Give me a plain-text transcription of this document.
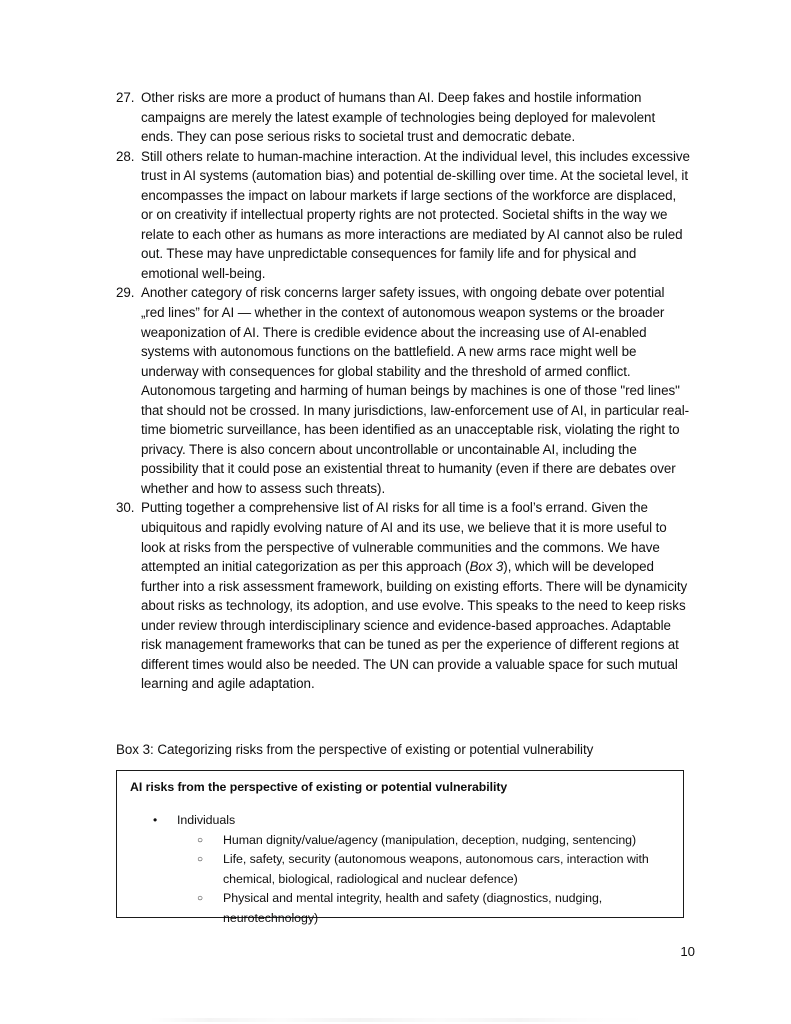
27. Other risks are more a product of humans than AI. Deep fakes and hostile information campaigns are merely the latest example of technologies being deployed for malevolent ends. They can pose serious risks to societal trust and democratic debate.
28. Still others relate to human-machine interaction. At the individual level, this includes excessive trust in AI systems (automation bias) and potential de-skilling over time. At the societal level, it encompasses the impact on labour markets if large sections of the workforce are displaced, or on creativity if intellectual property rights are not protected. Societal shifts in the way we relate to each other as humans as more interactions are mediated by AI cannot also be ruled out. These may have unpredictable consequences for family life and for physical and emotional well-being.
29. Another category of risk concerns larger safety issues, with ongoing debate over potential „red lines” for AI — whether in the context of autonomous weapon systems or the broader weaponization of AI. There is credible evidence about the increasing use of AI-enabled systems with autonomous functions on the battlefield. A new arms race might well be underway with consequences for global stability and the threshold of armed conflict. Autonomous targeting and harming of human beings by machines is one of those "red lines" that should not be crossed. In many jurisdictions, law-enforcement use of AI, in particular real-time biometric surveillance, has been identified as an unacceptable risk, violating the right to privacy. There is also concern about uncontrollable or uncontainable AI, including the possibility that it could pose an existential threat to humanity (even if there are debates over whether and how to assess such threats).
30. Putting together a comprehensive list of AI risks for all time is a fool’s errand. Given the ubiquitous and rapidly evolving nature of AI and its use, we believe that it is more useful to look at risks from the perspective of vulnerable communities and the commons. We have attempted an initial categorization as per this approach (Box 3), which will be developed further into a risk assessment framework, building on existing efforts. There will be dynamicity about risks as technology, its adoption, and use evolve. This speaks to the need to keep risks under review through interdisciplinary science and evidence-based approaches. Adaptable risk management frameworks that can be tuned as per the experience of different regions at different times would also be needed. The UN can provide a valuable space for such mutual learning and agile adaptation.
Box 3: Categorizing risks from the perspective of existing or potential vulnerability
AI risks from the perspective of existing or potential vulnerability
• Individuals
○ Human dignity/value/agency (manipulation, deception, nudging, sentencing)
○ Life, safety, security (autonomous weapons, autonomous cars, interaction with chemical, biological, radiological and nuclear defence)
○ Physical and mental integrity, health and safety (diagnostics, nudging, neurotechnology)
10
